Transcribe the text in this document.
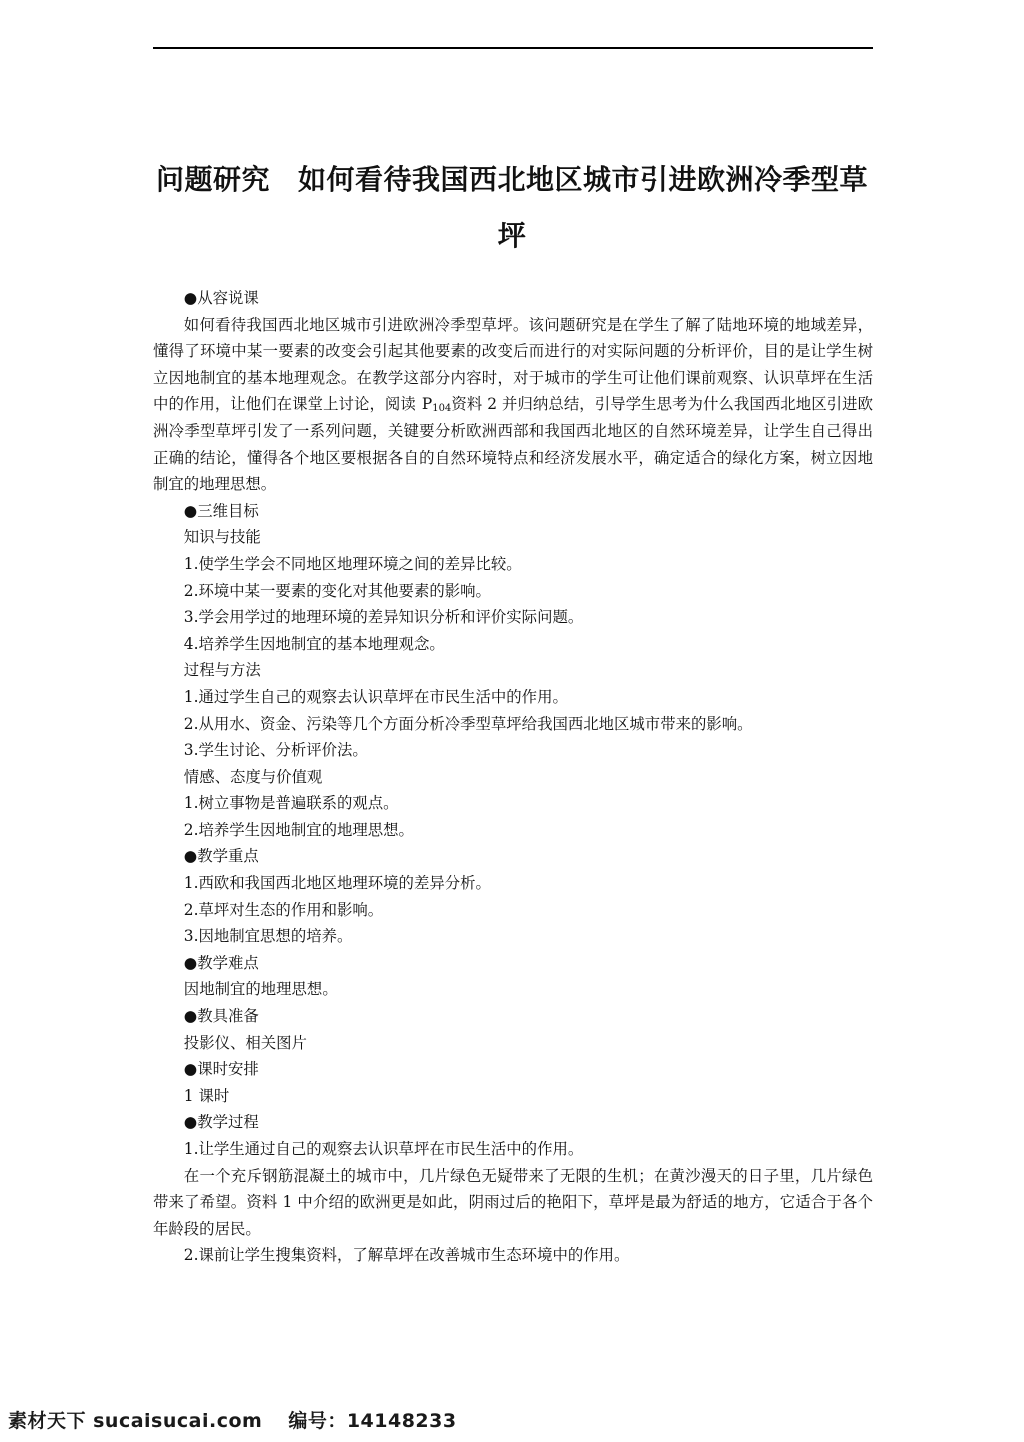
问题研究 如何看待我国西北地区城市引进欧洲冷季型草坪

●从容说课

如何看待我国西北地区城市引进欧洲冷季型草坪。该问题研究是在学生了解了陆地环境的地域差异，懂得了环境中某一要素的改变会引起其他要素的改变后而进行的对实际问题的分析评价，目的是让学生树立因地制宜的基本地理观念。在教学这部分内容时，对于城市的学生可让他们课前观察、认识草坪在生活中的作用，让他们在课堂上讨论，阅读 $P_{104}$资料 2 并归纳总结，引导学生思考为什么我国西北地区引进欧洲冷季型草坪引发了一系列问题，关键要分析欧洲西部和我国西北地区的自然环境差异，让学生自己得出正确的结论，懂得各个地区要根据各自的自然环境特点和经济发展水平，确定适合的绿化方案，树立因地制宜的地理思想。

●三维目标

知识与技能

1.使学生学会不同地区地理环境之间的差异比较。

2.环境中某一要素的变化对其他要素的影响。

3.学会用学过的地理环境的差异知识分析和评价实际问题。

4.培养学生因地制宜的基本地理观念。

过程与方法

1.通过学生自己的观察去认识草坪在市民生活中的作用。

2.从用水、资金、污染等几个方面分析冷季型草坪给我国西北地区城市带来的影响。

3.学生讨论、分析评价法。

情感、态度与价值观

1.树立事物是普遍联系的观点。

2.培养学生因地制宜的地理思想。

●教学重点

1.西欧和我国西北地区地理环境的差异分析。

2.草坪对生态的作用和影响。

3.因地制宜思想的培养。

●教学难点

因地制宜的地理思想。

●教具准备

投影仪、相关图片

●课时安排

1 课时

●教学过程

1.让学生通过自己的观察去认识草坪在市民生活中的作用。

在一个充斥钢筋混凝土的城市中，几片绿色无疑带来了无限的生机；在黄沙漫天的日子里，几片绿色带来了希望。资料 1 中介绍的欧洲更是如此，阴雨过后的艳阳下，草坪是最为舒适的地方，它适合于各个年龄段的居民。

2.课前让学生搜集资料，了解草坪在改善城市生态环境中的作用。

素材天下 sucaisucai.com 编号：14148233
